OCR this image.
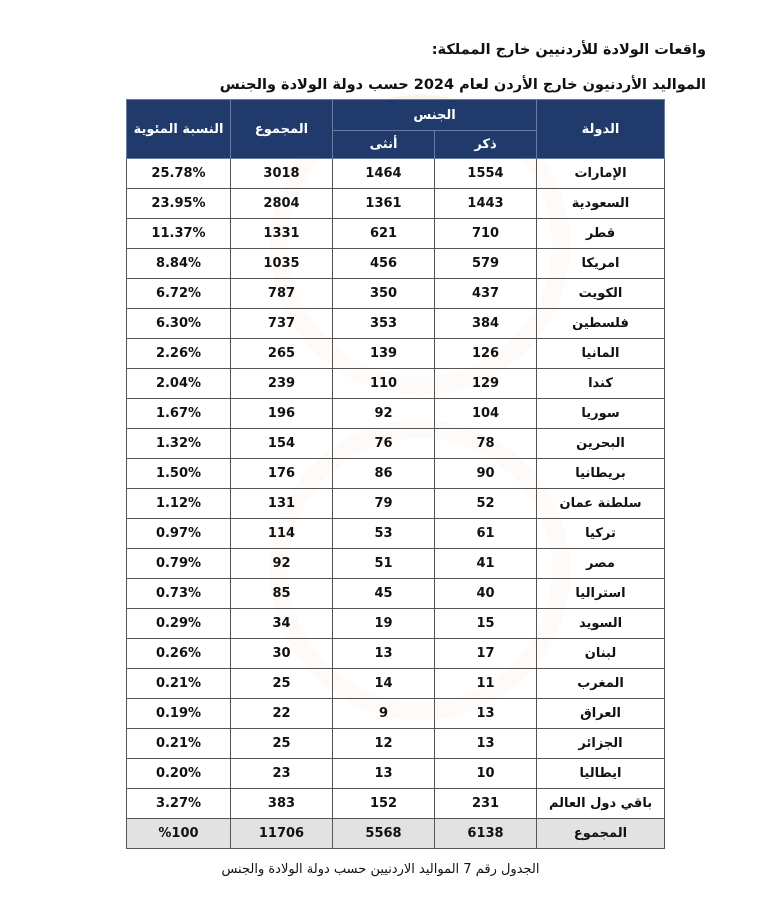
واقعات الولادة للأردنيين خارج المملكة:
المواليد الأردنيون خارج الأردن لعام 2024 حسب دولة الولادة والجنس
الدولة	الجنس		المجموع	النسبة المئوية
	ذكر	أنثى		
الإمارات	1554	1464	3018	25.78%
السعودية	1443	1361	2804	23.95%
قطر	710	621	1331	11.37%
امريكا	579	456	1035	8.84%
الكويت	437	350	787	6.72%
فلسطين	384	353	737	6.30%
المانيا	126	139	265	2.26%
كندا	129	110	239	2.04%
سوريا	104	92	196	1.67%
البحرين	78	76	154	1.32%
بريطانيا	90	86	176	1.50%
سلطنة عمان	52	79	131	1.12%
تركيا	61	53	114	0.97%
مصر	41	51	92	0.79%
استراليا	40	45	85	0.73%
السويد	15	19	34	0.29%
لبنان	17	13	30	0.26%
المغرب	11	14	25	0.21%
العراق	13	9	22	0.19%
الجزائر	13	12	25	0.21%
ايطاليا	10	13	23	0.20%
باقي دول العالم	231	152	383	3.27%
المجموع	6138	5568	11706	%100
الجدول رقم 7 المواليد الاردنيين حسب دولة الولادة والجنس
